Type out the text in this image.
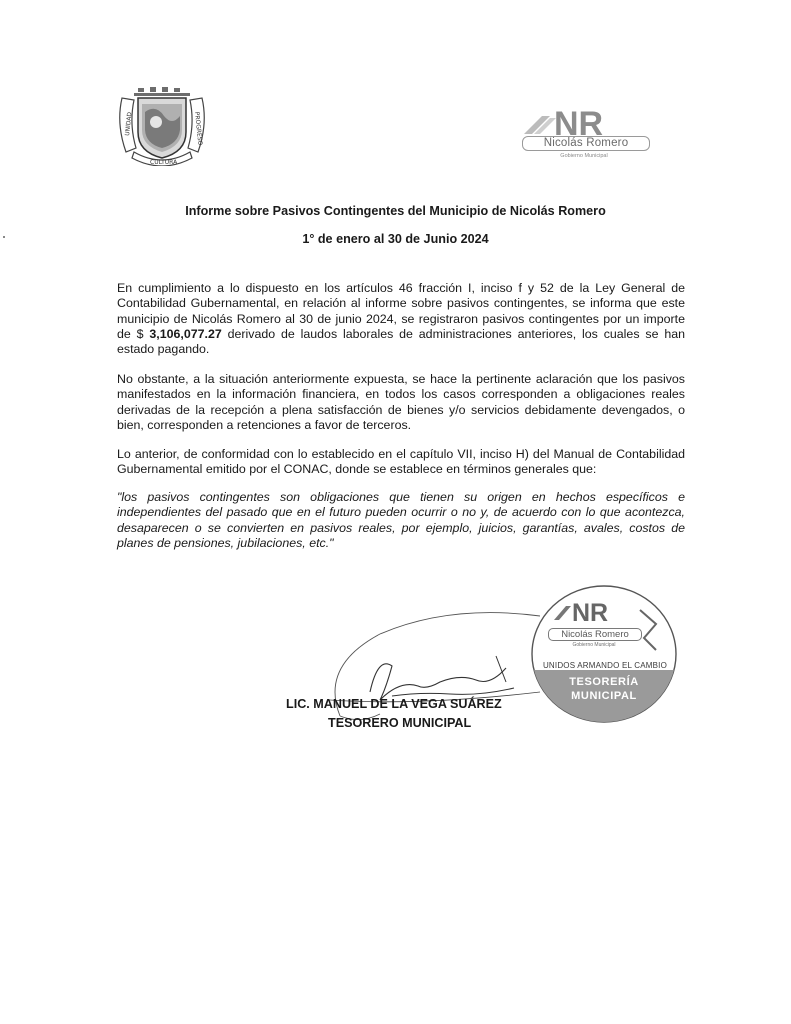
UNIDAD
CULTURA
PROGRESO	NR
Nicolás Romero
Gobierno Municipal
Informe sobre Pasivos Contingentes del Municipio de Nicolás Romero
1° de enero al 30 de Junio 2024

En cumplimiento a lo dispuesto en los artículos 46 fracción I, inciso f y 52 de la Ley General de Contabilidad Gubernamental, en relación al informe sobre pasivos contingentes, se informa que este municipio de Nicolás Romero al 30 de junio 2024, se registraron pasivos contingentes por un importe de $ 3,106,077.27 derivado de laudos laborales de administraciones anteriores, los cuales se han estado pagando.

No obstante, a la situación anteriormente expuesta, se hace la pertinente aclaración que los pasivos manifestados en la información financiera, en todos los casos corresponden a obligaciones reales derivadas de la recepción a plena satisfacción de bienes y/o servicios debidamente devengados, o bien, corresponden a retenciones a favor de terceros.

Lo anterior, de conformidad con lo establecido en el capítulo VII, inciso H) del Manual de Contabilidad Gubernamental emitido por el CONAC, donde se establece en términos generales que:

"los pasivos contingentes son obligaciones que tienen su origen en hechos específicos e independientes del pasado que en el futuro pueden ocurrir o no y, de acuerdo con lo que acontezca, desaparecen o se convierten en pasivos reales, por ejemplo, juicios, garantías, avales, costos de planes de pensiones, jubilaciones, etc."

LIC. MANUEL DE LA VEGA SUÁREZ
TESORERO MUNICIPAL
NR
Nicolás Romero
Gobierno Municipal
UNIDOS ARMANDO EL CAMBIO
TESORERÍA
MUNICIPAL
